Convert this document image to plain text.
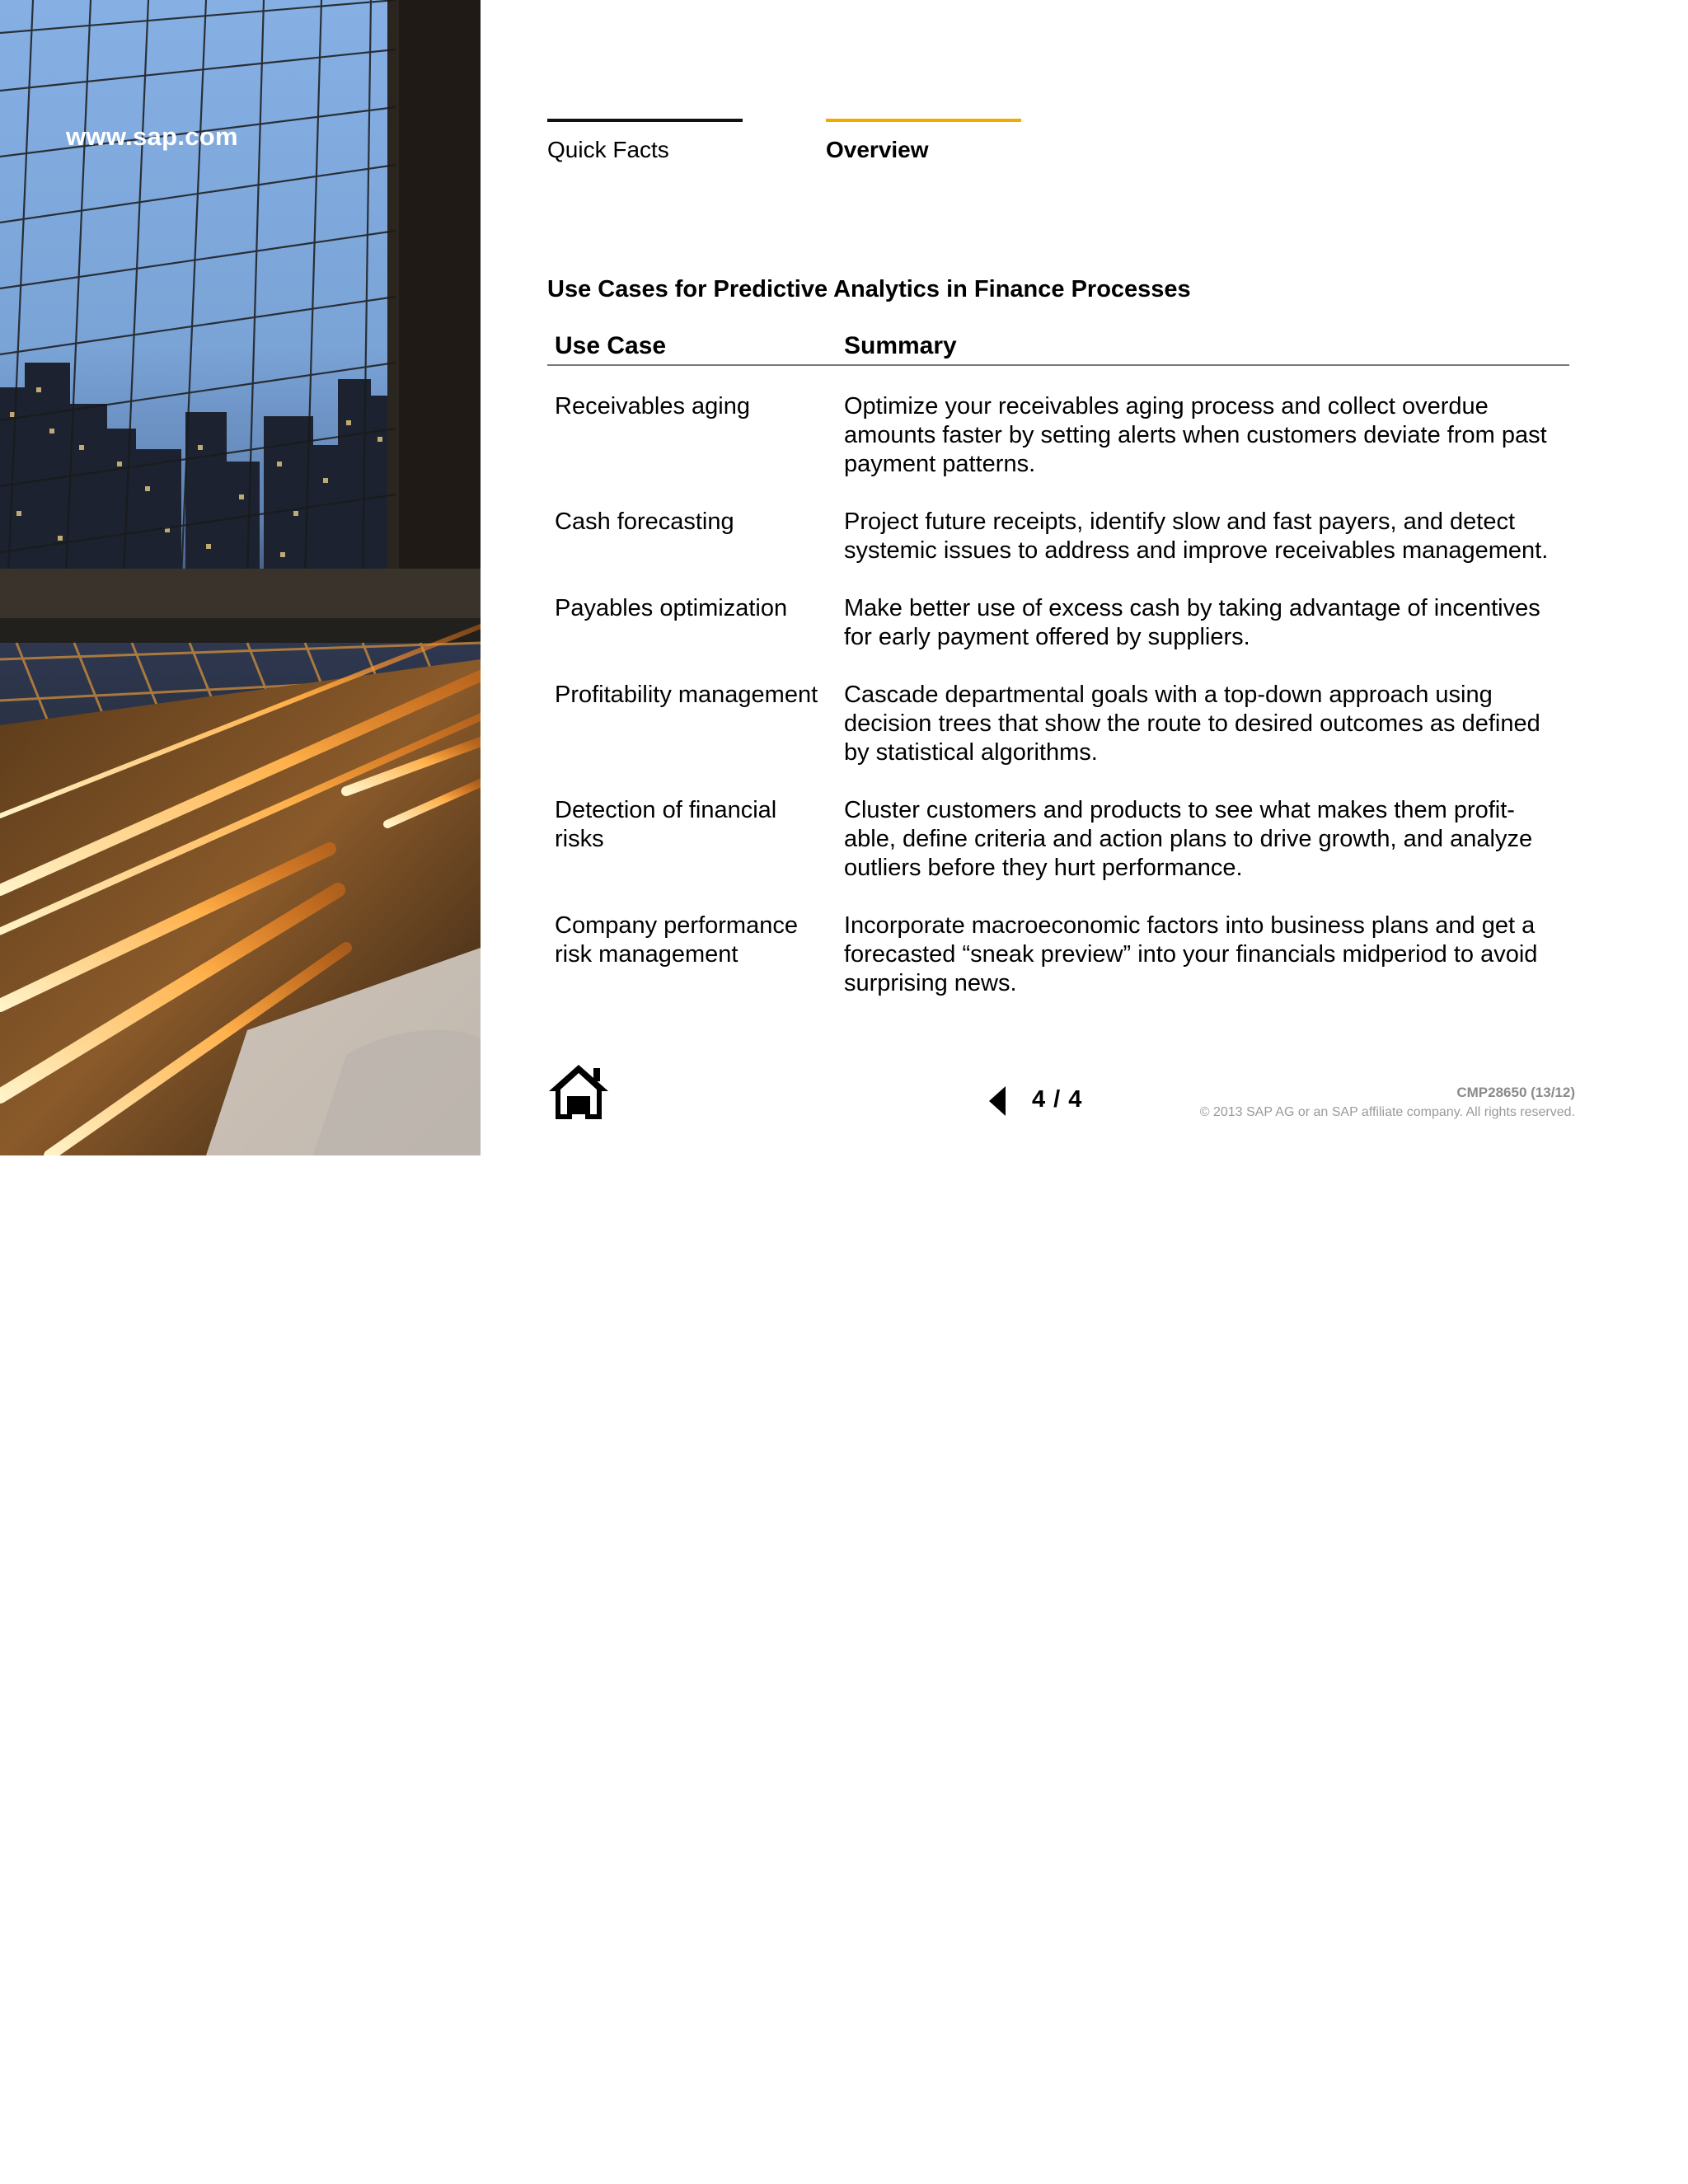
www.sap.com	Quick Facts	Overview
Use Cases for Predictive Analytics in Finance Processes
Use Case	Summary

Receivables aging	Optimize your receivables aging process and collect overdue amounts faster by setting alerts when customers deviate from past payment patterns.
Cash forecasting	Project future receipts, identify slow and fast payers, and detect systemic issues to address and improve receivables management.
Payables optimization	Make better use of excess cash by taking advantage of incentives for early payment offered by suppliers.
Profitability management	Cascade departmental goals with a top-down approach using decision trees that show the route to desired outcomes as defined by statistical algorithms.
Detection of financial risks	Cluster customers and products to see what makes them profit-able, define criteria and action plans to drive growth, and analyze outliers before they hurt performance.
Company performance risk management	Incorporate macroeconomic factors into business plans and get a forecasted “sneak preview” into your financials midperiod to avoid surprising news.
4 / 4	CMP28650 (13/12)
© 2013 SAP AG or an SAP affiliate company. All rights reserved.
